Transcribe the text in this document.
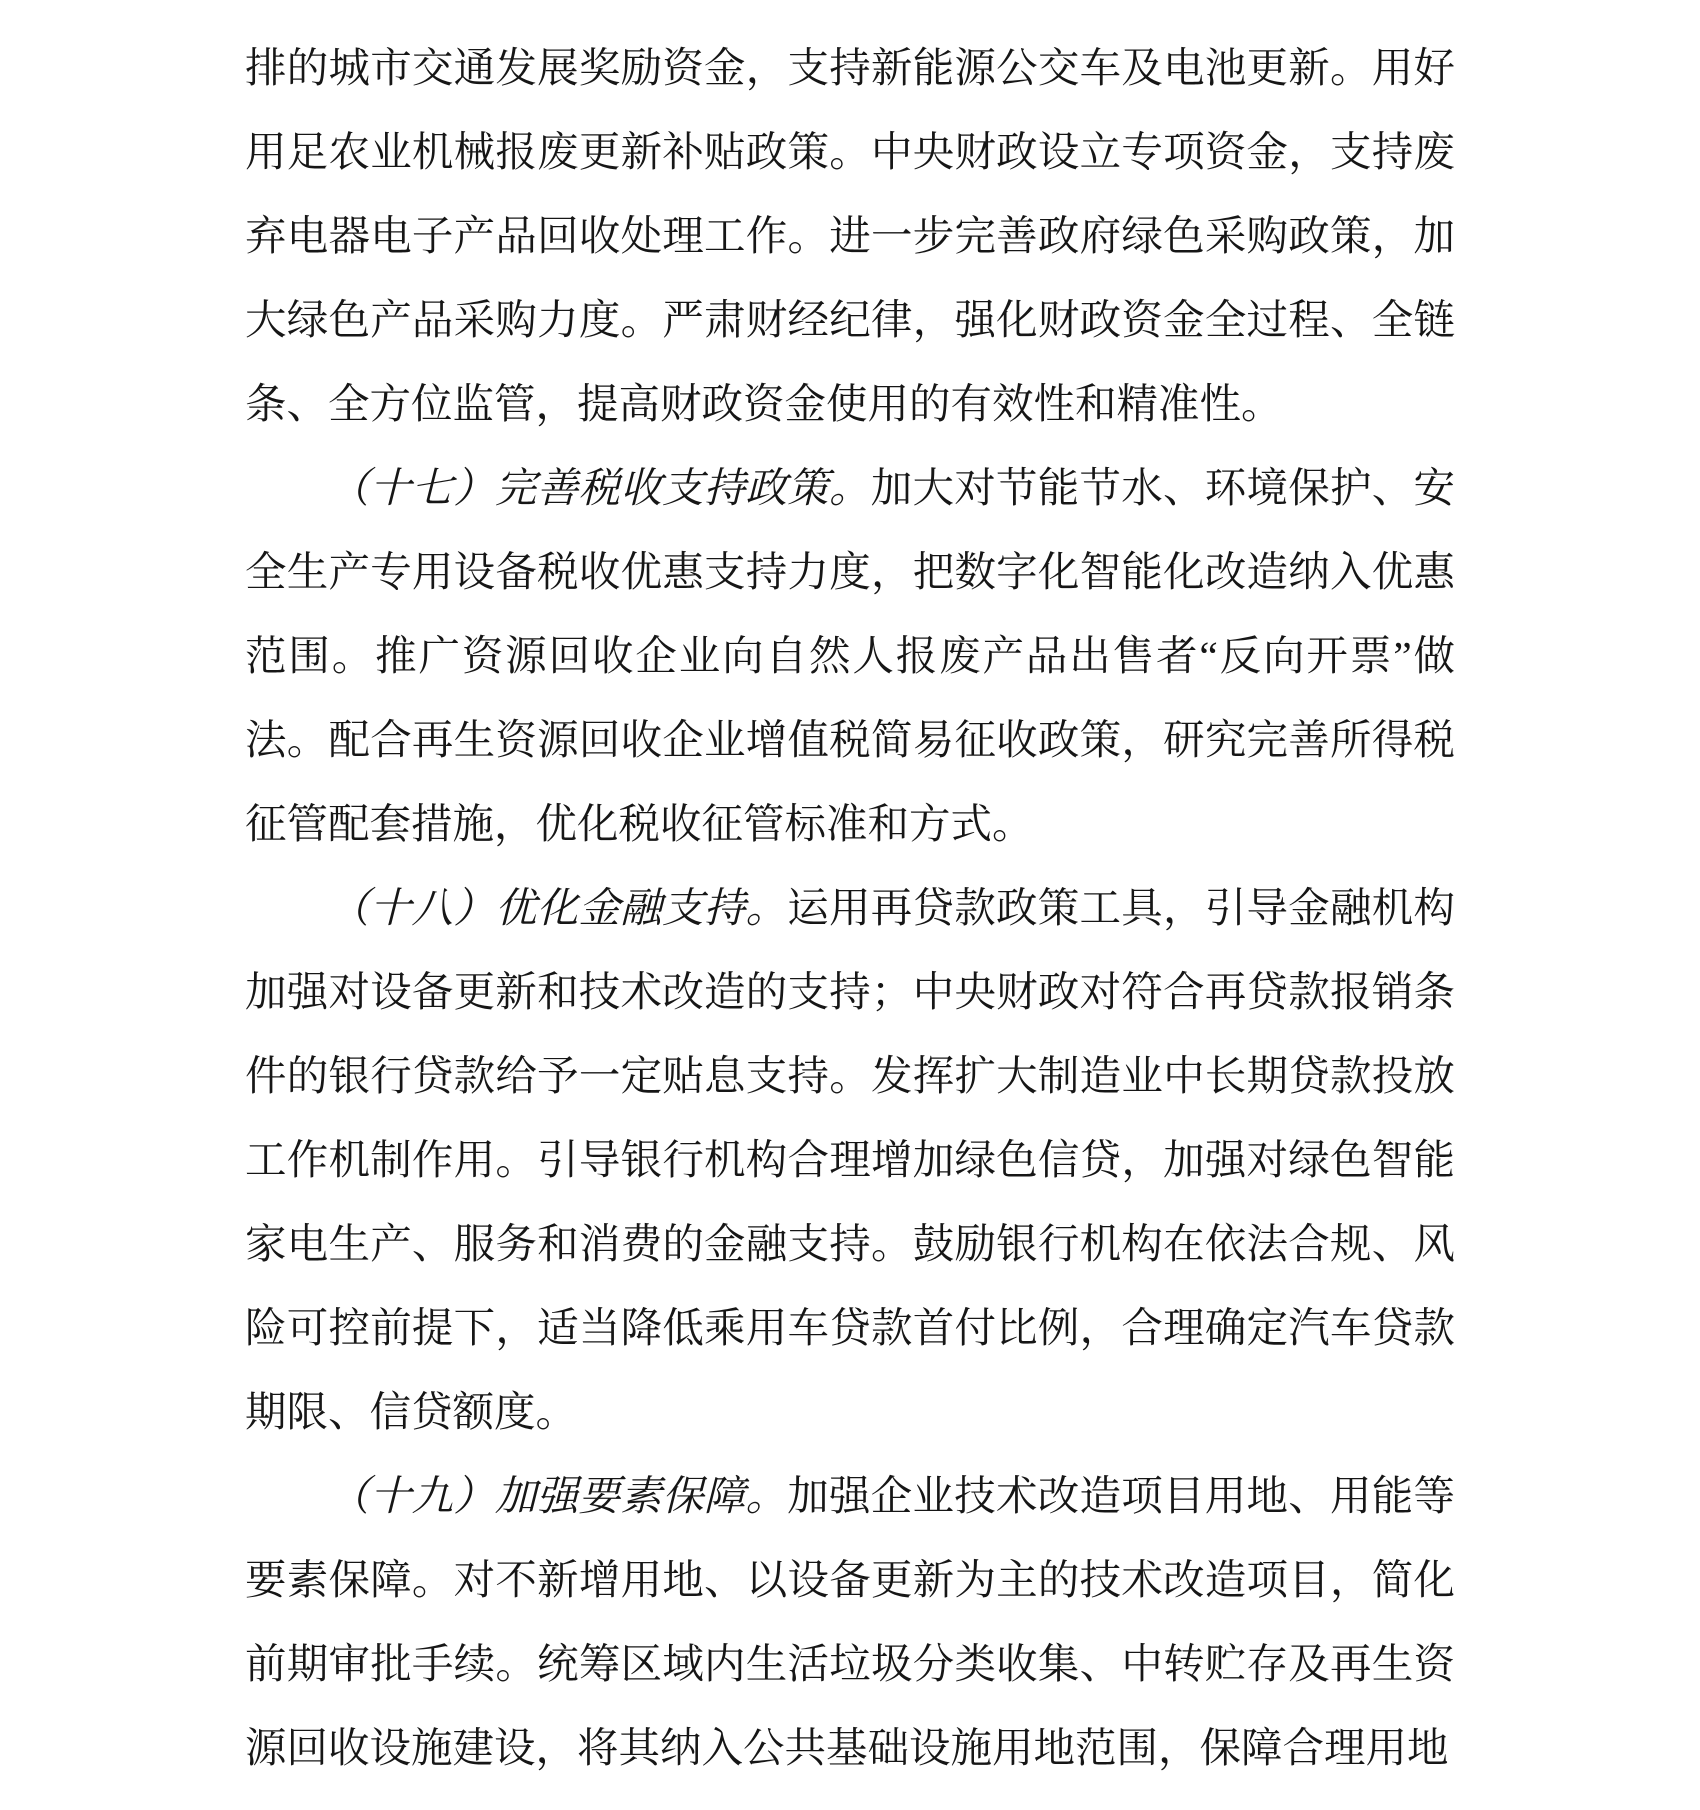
排的城市交通发展奖励资金，支持新能源公交车及电池更新。用好用足农业机械报废更新补贴政策。中央财政设立专项资金，支持废弃电器电子产品回收处理工作。进一步完善政府绿色采购政策，加大绿色产品采购力度。严肃财经纪律，强化财政资金全过程、全链条、全方位监管，提高财政资金使用的有效性和精准性。

（十七）完善税收支持政策。加大对节能节水、环境保护、安全生产专用设备税收优惠支持力度，把数字化智能化改造纳入优惠范围。推广资源回收企业向自然人报废产品出售者“反向开票”做法。配合再生资源回收企业增值税简易征收政策，研究完善所得税征管配套措施，优化税收征管标准和方式。

（十八）优化金融支持。运用再贷款政策工具，引导金融机构加强对设备更新和技术改造的支持；中央财政对符合再贷款报销条件的银行贷款给予一定贴息支持。发挥扩大制造业中长期贷款投放工作机制作用。引导银行机构合理增加绿色信贷，加强对绿色智能家电生产、服务和消费的金融支持。鼓励银行机构在依法合规、风险可控前提下，适当降低乘用车贷款首付比例，合理确定汽车贷款期限、信贷额度。

（十九）加强要素保障。加强企业技术改造项目用地、用能等要素保障。对不新增用地、以设备更新为主的技术改造项目，简化前期审批手续。统筹区域内生活垃圾分类收集、中转贮存及再生资源回收设施建设，将其纳入公共基础设施用地范围，保障合理用地
